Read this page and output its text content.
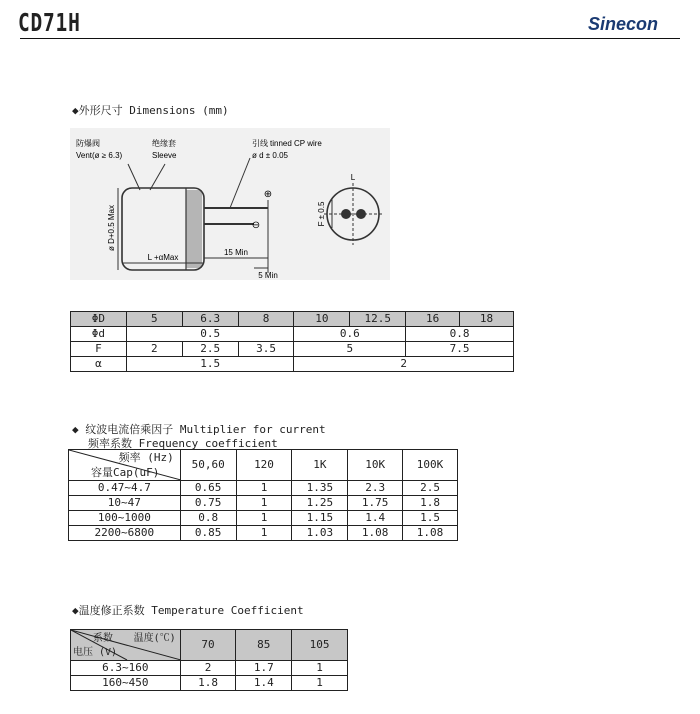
CD71H	Sinecon
◆外形尺寸 Dimensions (mm)
防爆阀
Vent(ø ≥ 6.3)
绝缘套
Sleeve
引线 tinned CP wire
ø d ± 0.05
ø D+0.5 Max
L +αMax
15 Min
5 Min
⊕
⊖
L
F ± 0.5
ΦD	5	6.3	8	10	12.5	16	18
Φd	0.5			0.6		0.8	
F	2	2.5	3.5	5		7.5	
α	1.5			2			
◆ 纹波电流倍乘因子 Multiplier for current
频率系数 Frequency coefficient
频率 (Hz)
容量Cap(uF)	50,60	120	1K	10K	100K
0.47~4.7	0.65	1	1.35	2.3	2.5
10~47	0.75	1	1.25	1.75	1.8
100~1000	0.8	1	1.15	1.4	1.5
2200~6800	0.85	1	1.03	1.08	1.08
◆温度修正系数 Temperature Coefficient
系数 温度(℃)
电压 (V)	70	85	105
6.3~160	2	1.7	1
160~450	1.8	1.4	1
